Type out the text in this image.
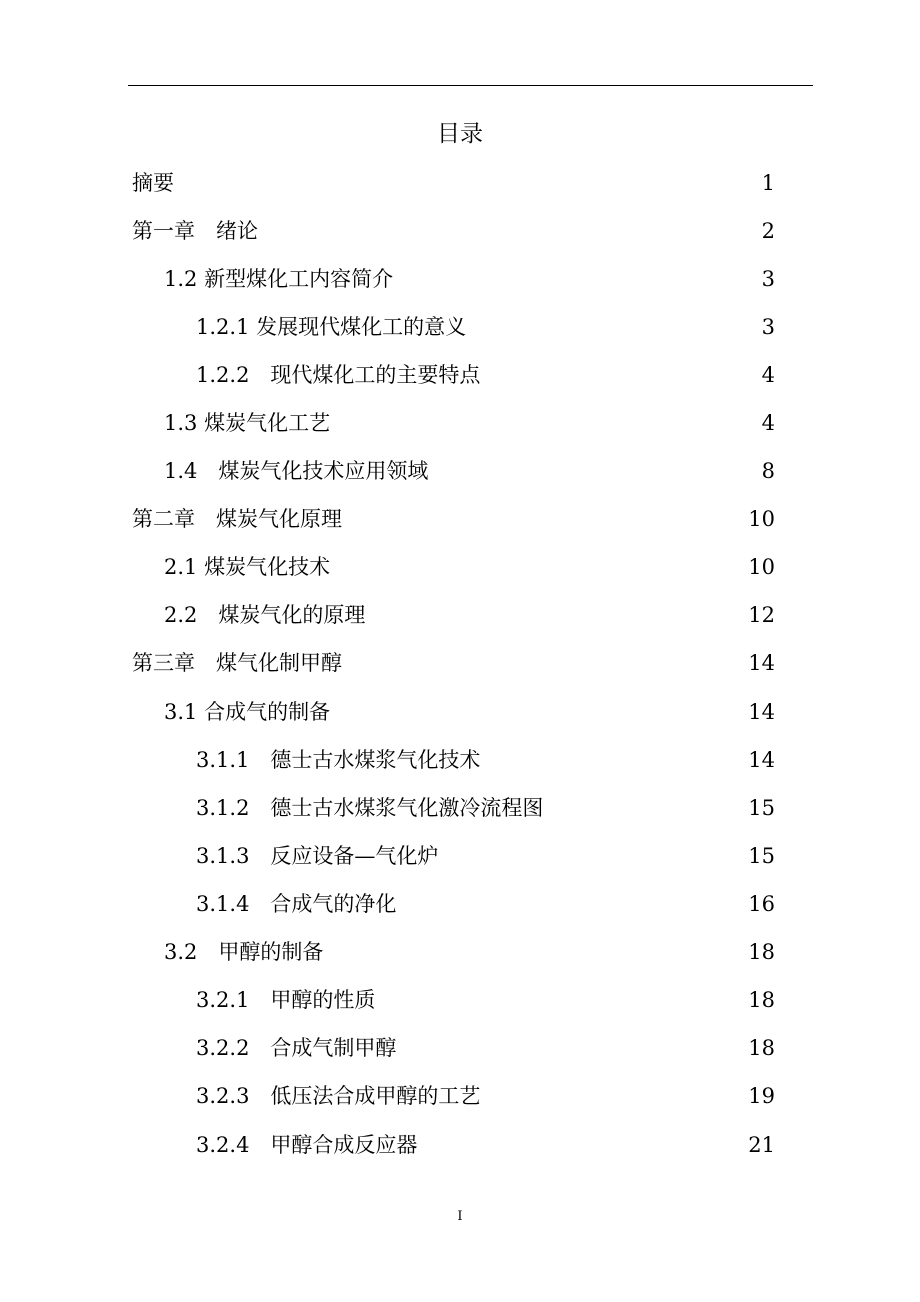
目录
摘要	1
第一章　绪论	2
1.2 新型煤化工内容简介	3
1.2.1 发展现代煤化工的意义	3
1.2.2　现代煤化工的主要特点	4
1.3 煤炭气化工艺	4
1.4　煤炭气化技术应用领域	8
第二章　煤炭气化原理	10
2.1 煤炭气化技术	10
2.2　煤炭气化的原理	12
第三章　煤气化制甲醇	14
3.1 合成气的制备	14
3.1.1　德士古水煤浆气化技术	14
3.1.2　德士古水煤浆气化激冷流程图	15
3.1.3　反应设备—气化炉	15
3.1.4　合成气的净化	16
3.2　甲醇的制备	18
3.2.1　甲醇的性质	18
3.2.2　合成气制甲醇	18
3.2.3　低压法合成甲醇的工艺	19
3.2.4　甲醇合成反应器	21
I
